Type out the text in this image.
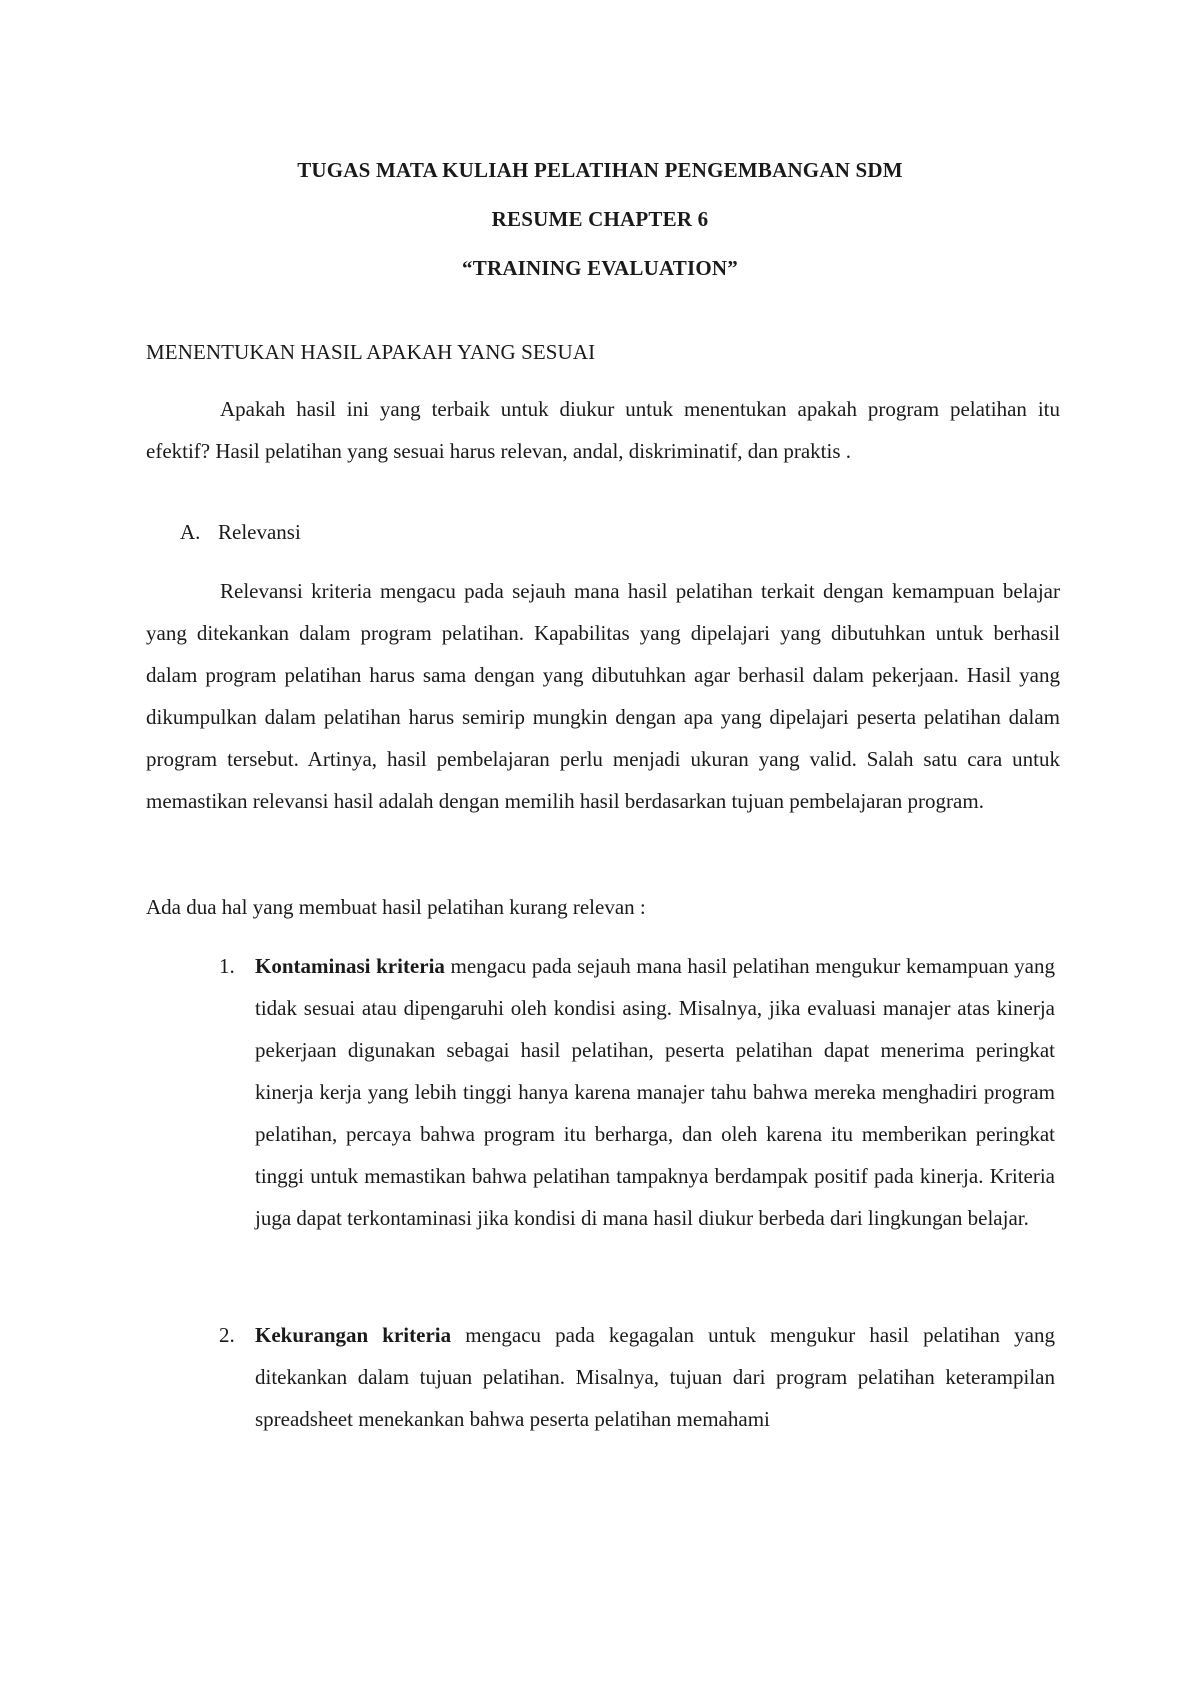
TUGAS MATA KULIAH PELATIHAN PENGEMBANGAN SDM
RESUME CHAPTER 6
“TRAINING EVALUATION”
MENENTUKAN HASIL APAKAH YANG SESUAI

Apakah hasil ini yang terbaik untuk diukur untuk menentukan apakah program pelatihan itu efektif? Hasil pelatihan yang sesuai harus relevan, andal, diskriminatif, dan praktis .

A. Relevansi

Relevansi kriteria mengacu pada sejauh mana hasil pelatihan terkait dengan kemampuan belajar yang ditekankan dalam program pelatihan. Kapabilitas yang dipelajari yang dibutuhkan untuk berhasil dalam program pelatihan harus sama dengan yang dibutuhkan agar berhasil dalam pekerjaan. Hasil yang dikumpulkan dalam pelatihan harus semirip mungkin dengan apa yang dipelajari peserta pelatihan dalam program tersebut. Artinya, hasil pembelajaran perlu menjadi ukuran yang valid. Salah satu cara untuk memastikan relevansi hasil adalah dengan memilih hasil berdasarkan tujuan pembelajaran program.

Ada dua hal yang membuat hasil pelatihan kurang relevan :
1. Kontaminasi kriteria mengacu pada sejauh mana hasil pelatihan mengukur kemampuan yang tidak sesuai atau dipengaruhi oleh kondisi asing. Misalnya, jika evaluasi manajer atas kinerja pekerjaan digunakan sebagai hasil pelatihan, peserta pelatihan dapat menerima peringkat kinerja kerja yang lebih tinggi hanya karena manajer tahu bahwa mereka menghadiri program pelatihan, percaya bahwa program itu berharga, dan oleh karena itu memberikan peringkat tinggi untuk memastikan bahwa pelatihan tampaknya berdampak positif pada kinerja. Kriteria juga dapat terkontaminasi jika kondisi di mana hasil diukur berbeda dari lingkungan belajar.

2. Kekurangan kriteria mengacu pada kegagalan untuk mengukur hasil pelatihan yang ditekankan dalam tujuan pelatihan. Misalnya, tujuan dari program pelatihan keterampilan spreadsheet menekankan bahwa peserta pelatihan memahami
